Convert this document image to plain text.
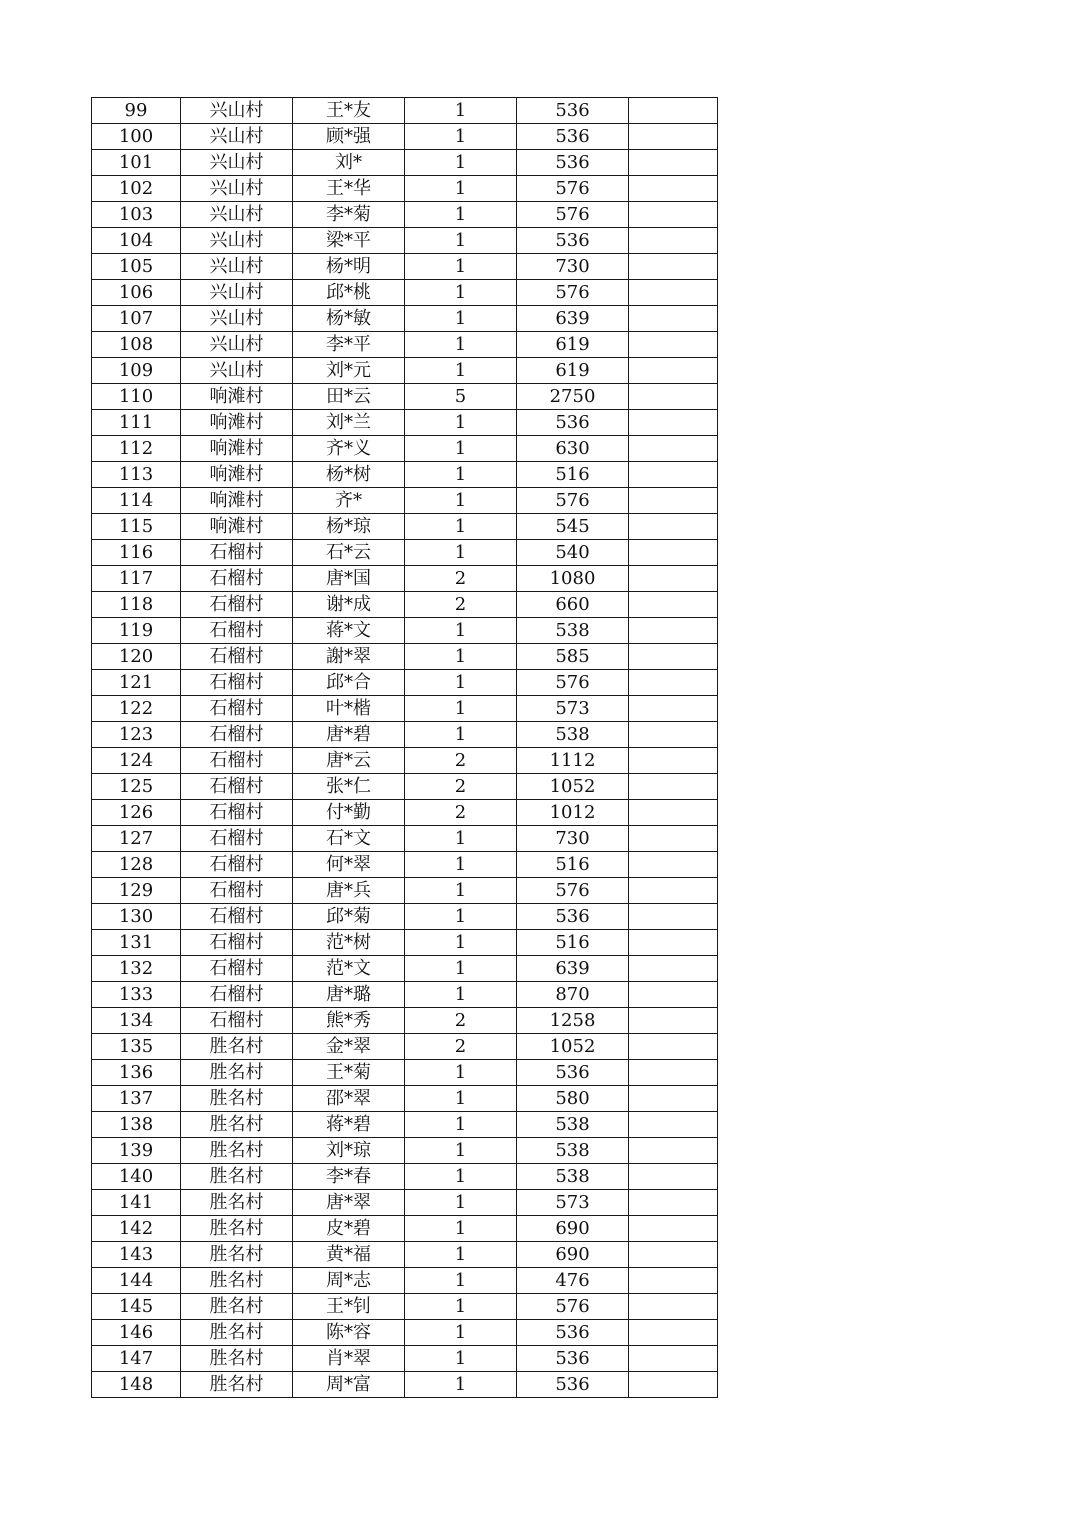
99	兴山村	王*友	1	536	
100	兴山村	顾*强	1	536	
101	兴山村	刘*	1	536	
102	兴山村	王*华	1	576	
103	兴山村	李*菊	1	576	
104	兴山村	梁*平	1	536	
105	兴山村	杨*明	1	730	
106	兴山村	邱*桃	1	576	
107	兴山村	杨*敏	1	639	
108	兴山村	李*平	1	619	
109	兴山村	刘*元	1	619	
110	响滩村	田*云	5	2750	
111	响滩村	刘*兰	1	536	
112	响滩村	齐*义	1	630	
113	响滩村	杨*树	1	516	
114	响滩村	齐*	1	576	
115	响滩村	杨*琼	1	545	
116	石榴村	石*云	1	540	
117	石榴村	唐*国	2	1080	
118	石榴村	谢*成	2	660	
119	石榴村	蒋*文	1	538	
120	石榴村	謝*翠	1	585	
121	石榴村	邱*合	1	576	
122	石榴村	叶*楷	1	573	
123	石榴村	唐*碧	1	538	
124	石榴村	唐*云	2	1112	
125	石榴村	张*仁	2	1052	
126	石榴村	付*勤	2	1012	
127	石榴村	石*文	1	730	
128	石榴村	何*翠	1	516	
129	石榴村	唐*兵	1	576	
130	石榴村	邱*菊	1	536	
131	石榴村	范*树	1	516	
132	石榴村	范*文	1	639	
133	石榴村	唐*璐	1	870	
134	石榴村	熊*秀	2	1258	
135	胜名村	金*翠	2	1052	
136	胜名村	王*菊	1	536	
137	胜名村	邵*翠	1	580	
138	胜名村	蒋*碧	1	538	
139	胜名村	刘*琼	1	538	
140	胜名村	李*春	1	538	
141	胜名村	唐*翠	1	573	
142	胜名村	皮*碧	1	690	
143	胜名村	黄*福	1	690	
144	胜名村	周*志	1	476	
145	胜名村	王*钊	1	576	
146	胜名村	陈*容	1	536	
147	胜名村	肖*翠	1	536	
148	胜名村	周*富	1	536	
